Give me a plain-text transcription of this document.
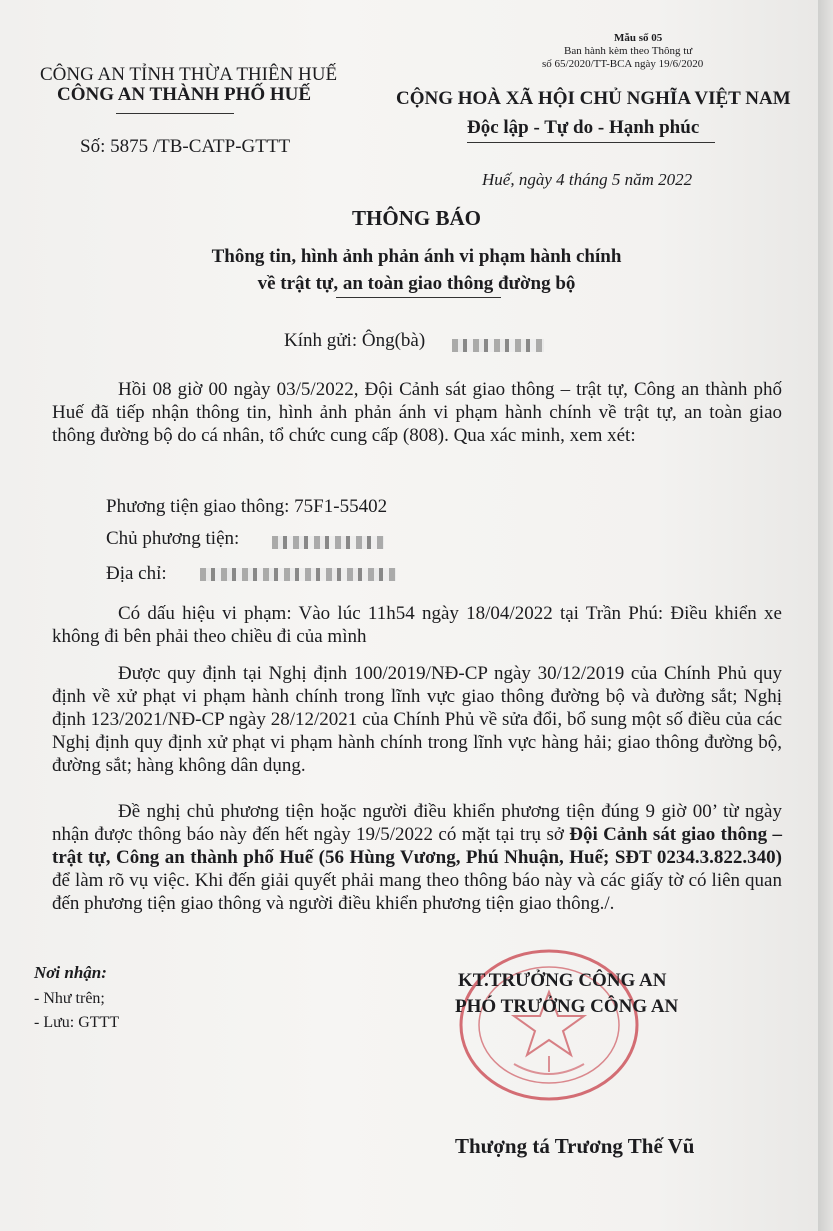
Mẫu số 05
Ban hành kèm theo Thông tư
số 65/2020/TT-BCA ngày 19/6/2020
CÔNG AN TỈNH THỪA THIÊN HUẾ
CÔNG AN THÀNH PHỐ HUẾ
Số: 5875 /TB-CATP-GTTT
CỘNG HOÀ XÃ HỘI CHỦ NGHĨA VIỆT NAM
Độc lập - Tự do - Hạnh phúc
Huế, ngày 4 tháng 5 năm 2022
THÔNG BÁO
Thông tin, hình ảnh phản ánh vi phạm hành chính
về trật tự, an toàn giao thông đường bộ
Kính gửi: Ông(bà)
Hồi 08 giờ 00 ngày 03/5/2022, Đội Cảnh sát giao thông – trật tự, Công an thành phố Huế đã tiếp nhận thông tin, hình ảnh phản ánh vi phạm hành chính về trật tự, an toàn giao thông đường bộ do cá nhân, tổ chức cung cấp (808). Qua xác minh, xem xét:
Phương tiện giao thông: 75F1-55402
Chủ phương tiện:
Địa chỉ:
Có dấu hiệu vi phạm: Vào lúc 11h54 ngày 18/04/2022 tại Trần Phú: Điều khiển xe không đi bên phải theo chiều đi của mình
Được quy định tại Nghị định 100/2019/NĐ-CP ngày 30/12/2019 của Chính Phủ quy định về xử phạt vi phạm hành chính trong lĩnh vực giao thông đường bộ và đường sắt; Nghị định 123/2021/NĐ-CP ngày 28/12/2021 của Chính Phủ về sửa đổi, bổ sung một số điều của các Nghị định quy định xử phạt vi phạm hành chính trong lĩnh vực hàng hải; giao thông đường bộ, đường sắt; hàng không dân dụng.
Đề nghị chủ phương tiện hoặc người điều khiển phương tiện đúng 9 giờ 00’ từ ngày nhận được thông báo này đến hết ngày 19/5/2022 có mặt tại trụ sở Đội Cảnh sát giao thông – trật tự, Công an thành phố Huế (56 Hùng Vương, Phú Nhuận, Huế; SĐT 0234.3.822.340) để làm rõ vụ việc. Khi đến giải quyết phải mang theo thông báo này và các giấy tờ có liên quan đến phương tiện giao thông và người điều khiển phương tiện giao thông./.
Nơi nhận:
- Như trên;
- Lưu: GTTT
KT.TRƯỞNG CÔNG AN
PHÓ TRƯỞNG CÔNG AN
Thượng tá Trương Thế Vũ
